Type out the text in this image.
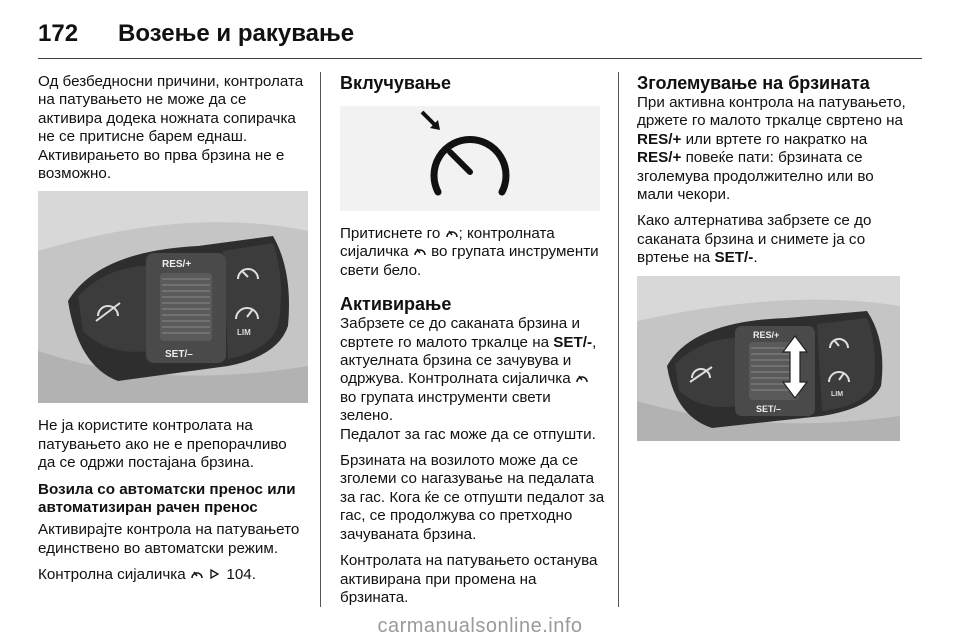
172	Возење и ракување

Од безбедносни причини, контролата на патувањето не може да се активира додека ножната сопирачка не се притисне барем еднаш. Активирањето во прва брзина не е возможно.

RES/+
SET/–
LIM

Не ја користите контролата на патувањето ако не е препорачливо да се одржи постајана брзина.

Возила со автоматски пренос или автоматизиран рачен пренос

Активирајте контрола на патувањето единствено во автоматски режим.

Контролна сијаличка	104.

Вклучување

Притиснете го ; контролната сијаличка во групата инструменти свети бело.

Активирање

Забрзете се до саканата брзина и свртете го малото тркалце на SET/-, актуелната брзина се зачувува и одржува. Контролната сијаличка  во групата инструменти свети зелено.

Педалот за гас може да се отпушти.

Брзината на возилото може да се зголеми со нагазување на педалата за гас. Кога ќе се отпушти педалот за гас, се продолжува со претходно зачуваната брзина.

Контролата на патувањето останува активирана при промена на брзината.

Зголемување на брзината

При активна контрола на патувањето, држете го малото тркалце свртено на RES/+ или вртете го накратко на RES/+ повеќе пати: брзината се зголемува продолжително или во мали чекори.

Како алтернатива забрзете се до саканата брзина и снимете ја со вртење на SET/-.

RES/+
SET/–
LIM
carmanualsonline.info
